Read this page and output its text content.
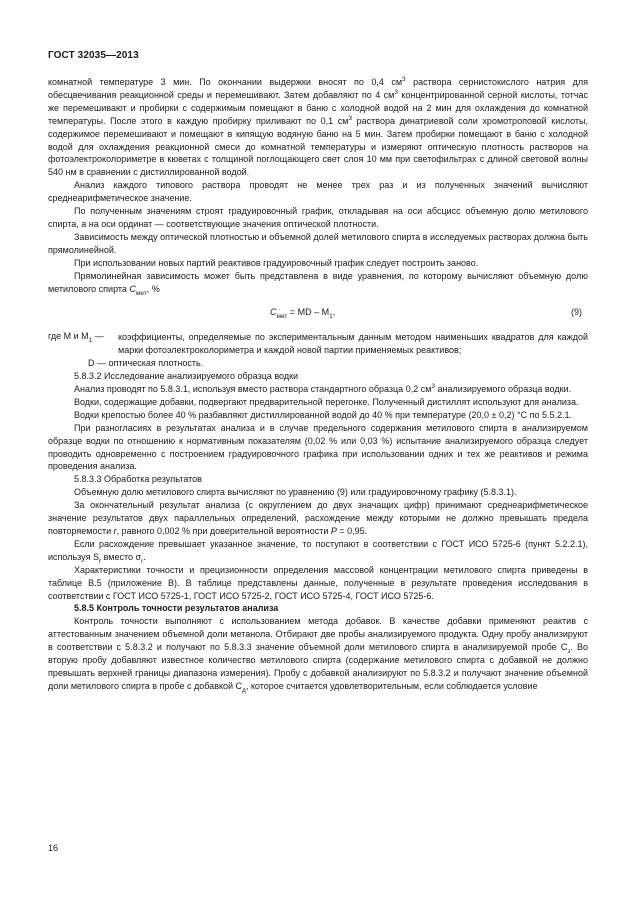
ГОСТ 32035—2013

комнатной температуре 3 мин. По окончании выдержки вносят по 0,4 $см^3$ раствора сернистокислого натрия для обесцвечивания реакционной среды и перемешивают. Затем добавляют по 4 $см^3$ концентрированной серной кислоты, тотчас же перемешивают и пробирки с содержимым помещают в баню с холодной водой на 2 мин для охлаждения до комнатной температуры. После этого в каждую пробирку приливают по 0,1 $см^3$ раствора динатриевой соли хромотроповой кислоты, содержимое перемешивают и помещают в кипящую водяную баню на 5 мин. Затем пробирки помещают в баню с холодной водой для охлаждения реакционной смеси до комнатной температуры и измеряют оптическую плотность растворов на фотоэлектроколориметре в кюветах с толщиной поглощающего свет слоя 10 мм при светофильтрах с длиной световой волны 540 нм в сравнении с дистиллированной водой.

Анализ каждого типового раствора проводят не менее трех раз и из полученных значений вычисляют среднеарифметическое значение.

По полученным значениям строят градуировочный график, откладывая на оси абсцисс объемную долю метилового спирта, а на оси ординат — соответствующие значения оптической плотности.

Зависимость между оптической плотностью и объемной долей метилового спирта в исследуемых растворах должна быть прямолинейной.

При использовании новых партий реактивов градуировочный график следует построить заново.

Прямолинейная зависимость может быть представлена в виде уравнения, по которому вычисляют объемную долю метилового спирта $C_{мет}$, %

$C_{мет}$ = MD – $M_1$,	(9)
где M и $M_1$ —	коэффициенты, определяемые по экспериментальным данным методом наименьших квадратов для каждой марки фотоэлектроколориметра и каждой новой партии применяемых реактивов;

D — оптическая плотность.

5.8.3.2 Исследование анализируемого образца водки

Анализ проводят по 5.8.3.1, используя вместо раствора стандартного образца 0,2 $см^3$ анализируемого образца водки.

Водки, содержащие добавки, подвергают предварительной перегонке. Полученный дистиллят используют для анализа.

Водки крепостью более 40 % разбавляют дистиллированной водой до 40 % при температуре (20,0 ± 0,2) °С по 5.5.2.1.

При разногласиях в результатах анализа и в случае предельного содержания метилового спирта в анализируемом образце водки по отношению к нормативным показателям (0,02 % или 0,03 %) испытание анализируемого образца следует проводить одновременно с построением градуировочного графика при использовании одних и тех же реактивов и режима проведения анализа.

5.8.3.3 Обработка результатов

Объемную долю метилового спирта вычисляют по уравнению (9) или градуировочному графику (5.8.3.1).

За окончательный результат анализа (с округлением до двух значащих цифр) принимают среднеарифметическое значение результатов двух параллельных определений, расхождение между которыми не должно превышать предела повторяемости r, равного 0,002 % при доверительной вероятности P = 0,95.

Если расхождение превышает указанное значение, то поступают в соответствии с ГОСТ ИСО 5725-6 (пункт 5.2.2.1), используя $S_r$ вместо $\sigma_r$.

Характеристики точности и прецизионности определения массовой концентрации метилового спирта приведены в таблице В.5 (приложение В). В таблице представлены данные, полученные в результате проведения исследования в соответствии с ГОСТ ИСО 5725-1, ГОСТ ИСО 5725-2, ГОСТ ИСО 5725-4, ГОСТ ИСО 5725-6.

5.8.5 Контроль точности результатов анализа

Контроль точности выполняют с использованием метода добавок. В качестве добавки применяют реактив с аттестованным значением объемной доли метанола. Отбирают две пробы анализируемого продукта. Одну пробу анализируют в соответствии с 5.8.3.2 и получают по 5.8.3.3 значение объемной доли метилового спирта в анализируемой пробе $С_з$. Во вторую пробу добавляют известное количество метилового спирта (содержание метилового спирта с добавкой не должно превышать верхней границы диапазона измерения). Пробу с добавкой анализируют по 5.8.3.2 и получают значение объемной доли метилового спирта в пробе с добавкой $С_д$, которое считается удовлетворительным, если соблюдается условие

16
